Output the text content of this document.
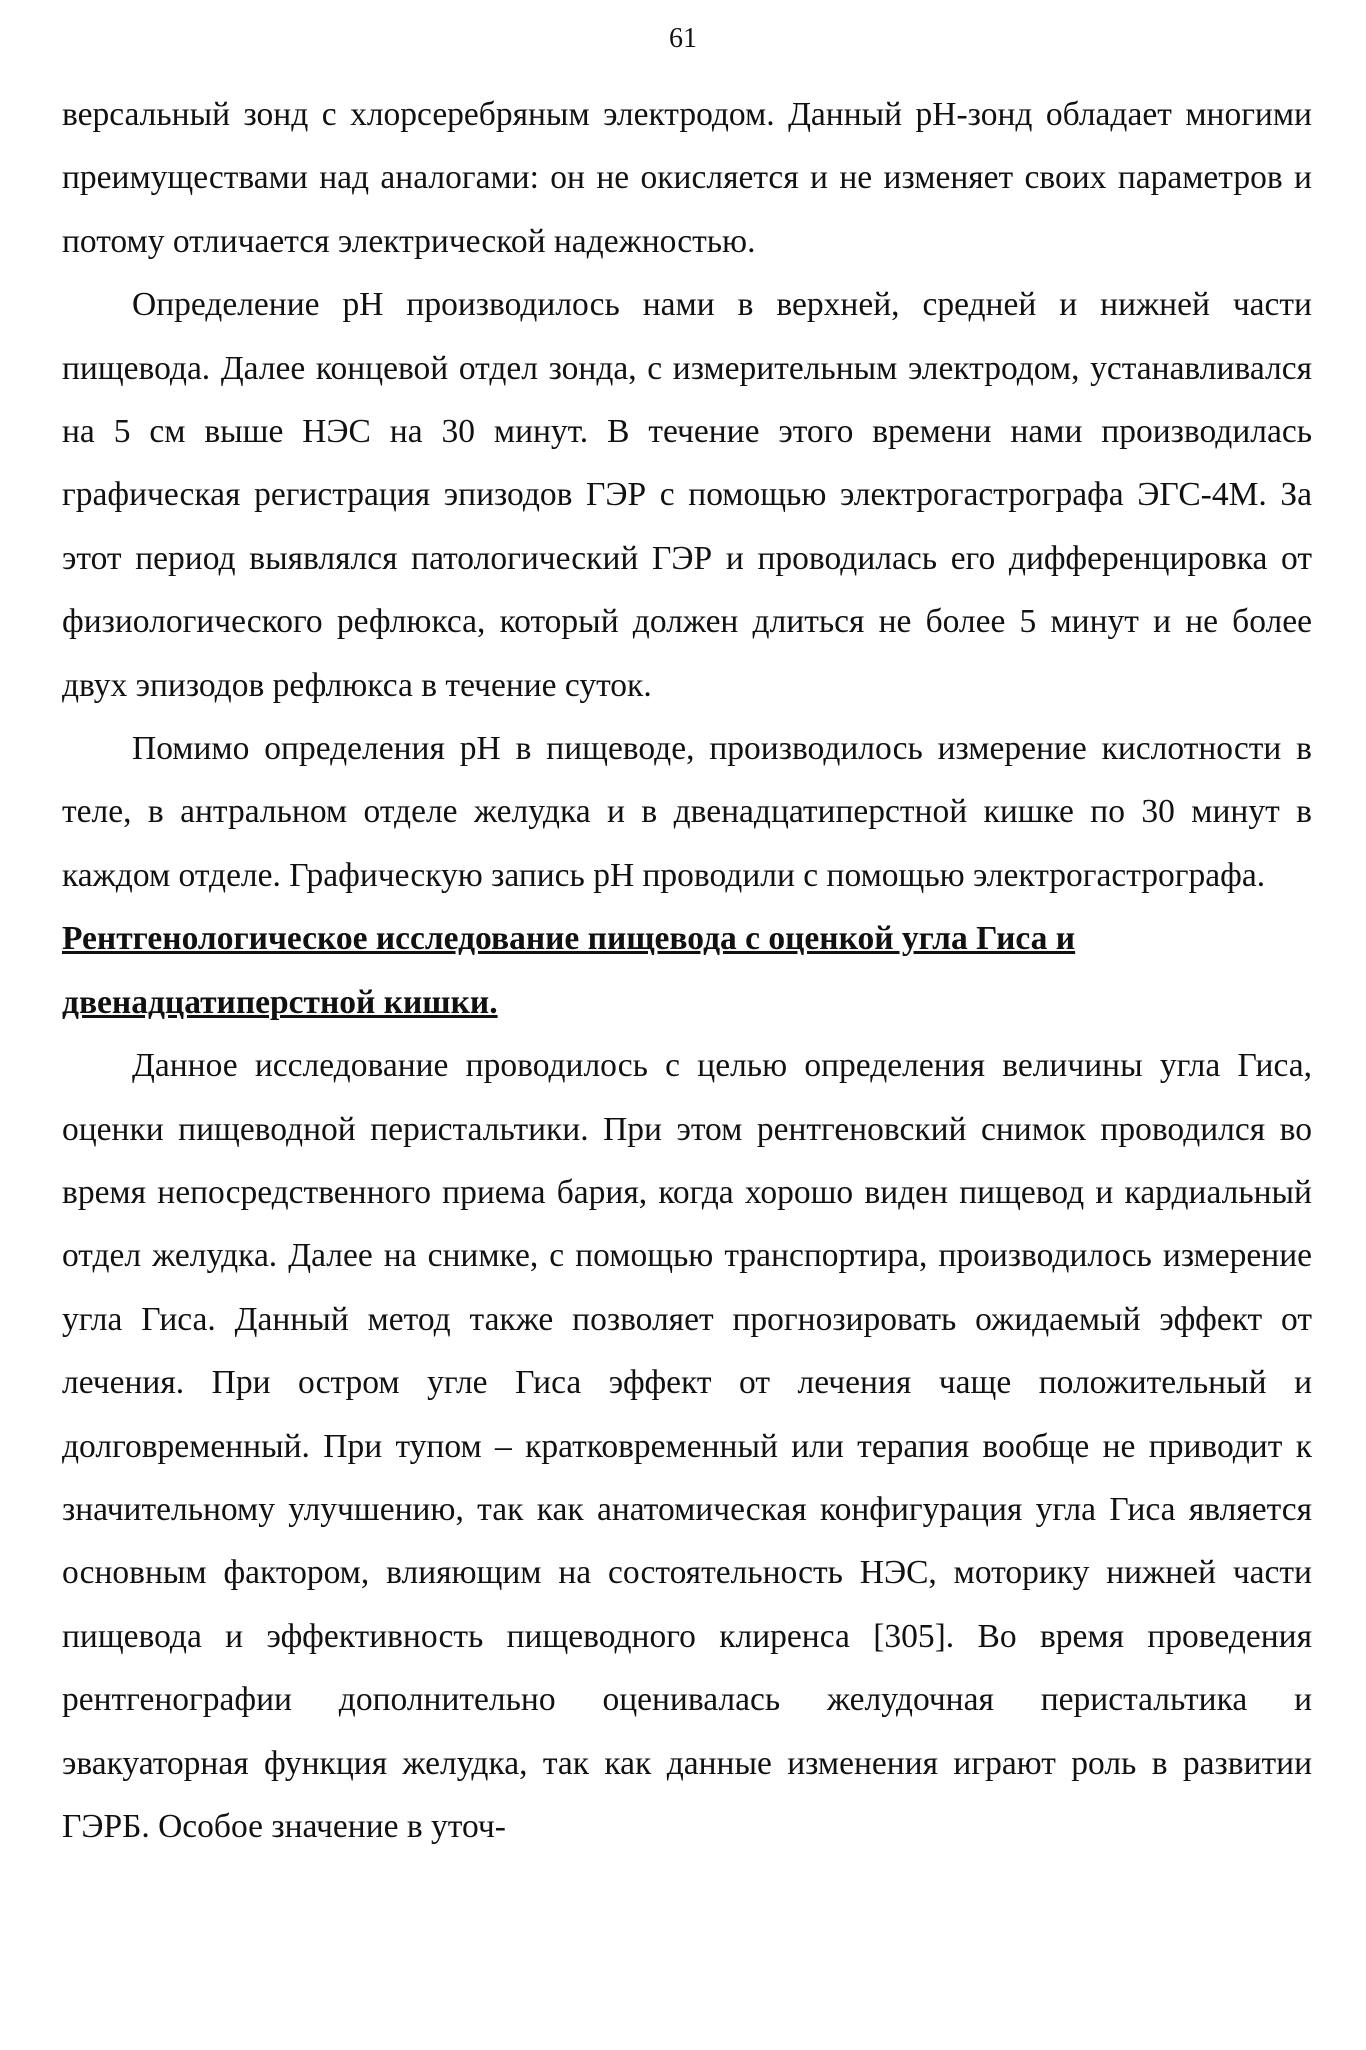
61

версальный зонд с хлорсеребряным электродом. Данный рН-зонд обладает многими преимуществами над аналогами: он не окисляется и не изменяет своих параметров и потому отличается электрической надежностью.

Определение рН производилось нами в верхней, средней и нижней части пищевода. Далее концевой отдел зонда, с измерительным электродом, устанавливался на 5 см выше НЭС на 30 минут. В течение этого времени нами производилась графическая регистрация эпизодов ГЭР с помощью электрогастрографа ЭГС-4М. За этот период выявлялся патологический ГЭР и проводилась его дифференцировка от физиологического рефлюкса, который должен длиться не более 5 минут и не более двух эпизодов рефлюкса в течение суток.

Помимо определения рН в пищеводе, производилось измерение кислотности в теле, в антральном отделе желудка и в двенадцатиперстной кишке по 30 минут в каждом отделе. Графическую запись рН проводили с помощью электрогастрографа.

Рентгенологическое исследование пищевода с оценкой угла Гиса и двенадцатиперстной кишки.

Данное исследование проводилось с целью определения величины угла Гиса, оценки пищеводной перистальтики. При этом рентгеновский снимок проводился во время непосредственного приема бария, когда хорошо виден пищевод и кардиальный отдел желудка. Далее на снимке, с помощью транспортира, производилось измерение угла Гиса. Данный метод также позволяет прогнозировать ожидаемый эффект от лечения. При остром угле Гиса эффект от лечения чаще положительный и долговременный. При тупом – кратковременный или терапия вообще не приводит к значительному улучшению, так как анатомическая конфигурация угла Гиса является основным фактором, влияющим на состоятельность НЭС, моторику нижней части пищевода и эффективность пищеводного клиренса [305]. Во время проведения рентгенографии дополнительно оценивалась желудочная перистальтика и эвакуаторная функция желудка, так как данные изменения играют роль в развитии ГЭРБ. Особое значение в уточ-
